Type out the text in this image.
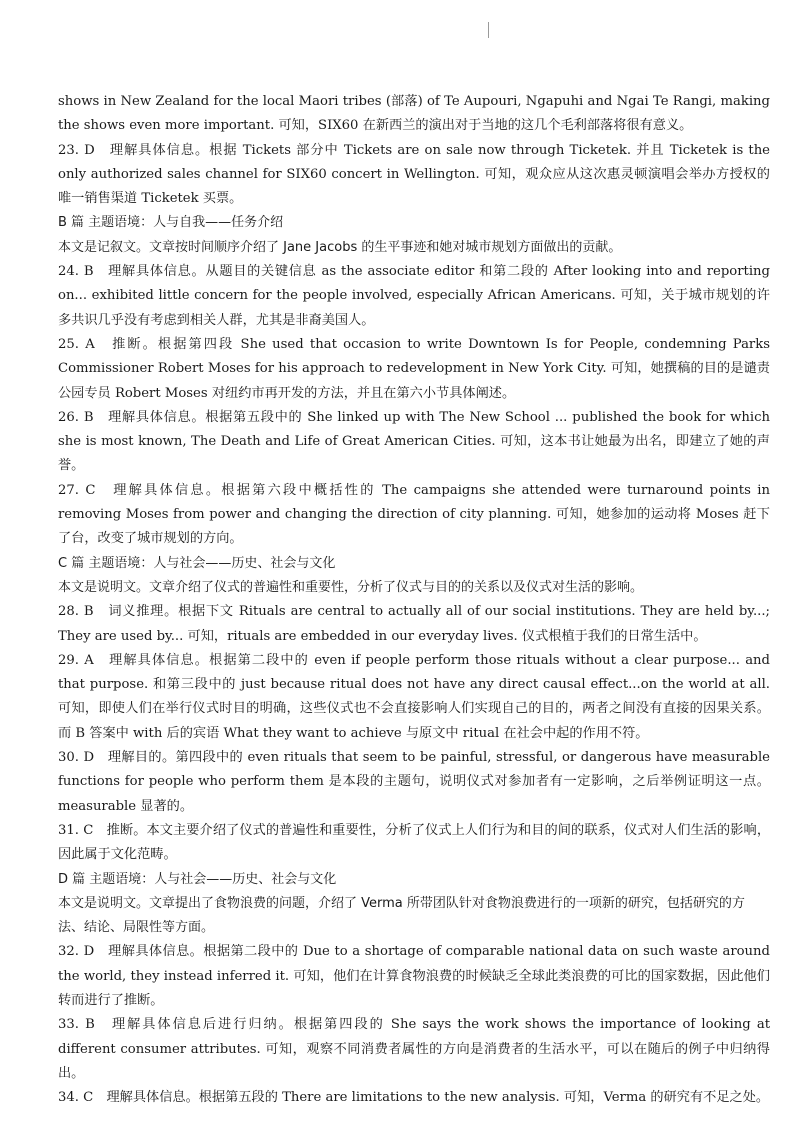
shows in New Zealand for the local Maori tribes (部落) of Te Aupouri, Ngapuhi and Ngai Te Rangi, making the shows even more important. 可知，SIX60 在新西兰的演出对于当地的这几个毛利部落将很有意义。

23. D　理解具体信息。根据 Tickets 部分中 Tickets are on sale now through Ticketek. 并且 Ticketek is the only authorized sales channel for SIX60 concert in Wellington. 可知，观众应从这次惠灵顿演唱会举办方授权的唯一销售渠道 Ticketek 买票。

B 篇 主题语境：人与自我——任务介绍

本文是记叙文。文章按时间顺序介绍了 Jane Jacobs 的生平事迹和她对城市规划方面做出的贡献。

24. B　理解具体信息。从题目的关键信息 as the associate editor 和第二段的 After looking into and reporting on... exhibited little concern for the people involved, especially African Americans. 可知，关于城市规划的许多共识几乎没有考虑到相关人群，尤其是非裔美国人。

25. A　推断。根据第四段 She used that occasion to write Downtown Is for People, condemning Parks Commissioner Robert Moses for his approach to redevelopment in New York City. 可知，她撰稿的目的是谴责公园专员 Robert Moses 对纽约市再开发的方法，并且在第六小节具体阐述。

26. B　理解具体信息。根据第五段中的 She linked up with The New School ... published the book for which she is most known, The Death and Life of Great American Cities. 可知，这本书让她最为出名，即建立了她的声誉。

27. C　理解具体信息。根据第六段中概括性的 The campaigns she attended were turnaround points in removing Moses from power and changing the direction of city planning. 可知，她参加的运动将 Moses 赶下了台，改变了城市规划的方向。

C 篇 主题语境：人与社会——历史、社会与文化

本文是说明文。文章介绍了仪式的普遍性和重要性，分析了仪式与目的的关系以及仪式对生活的影响。

28. B　词义推理。根据下文 Rituals are central to actually all of our social institutions. They are held by...; They are used by... 可知，rituals are embedded in our everyday lives. 仪式根植于我们的日常生活中。

29. A　理解具体信息。根据第二段中的 even if people perform those rituals without a clear purpose... and that purpose. 和第三段中的 just because ritual does not have any direct causal effect...on the world at all. 可知，即使人们在举行仪式时目的明确，这些仪式也不会直接影响人们实现自己的目的，两者之间没有直接的因果关系。而 B 答案中 with 后的宾语 What they want to achieve 与原文中 ritual 在社会中起的作用不符。

30. D　理解目的。第四段中的 even rituals that seem to be painful, stressful, or dangerous have measurable functions for people who perform them 是本段的主题句，说明仪式对参加者有一定影响，之后举例证明这一点。measurable 显著的。

31. C　推断。本文主要介绍了仪式的普遍性和重要性，分析了仪式上人们行为和目的间的联系，仪式对人们生活的影响，因此属于文化范畴。

D 篇 主题语境：人与社会——历史、社会与文化

本文是说明文。文章提出了食物浪费的问题，介绍了 Verma 所带团队针对食物浪费进行的一项新的研究，包括研究的方法、结论、局限性等方面。

32. D　理解具体信息。根据第二段中的 Due to a shortage of comparable national data on such waste around the world, they instead inferred it. 可知，他们在计算食物浪费的时候缺乏全球此类浪费的可比的国家数据，因此他们转而进行了推断。

33. B　理解具体信息后进行归纳。根据第四段的 She says the work shows the importance of looking at different consumer attributes. 可知，观察不同消费者属性的方向是消费者的生活水平，可以在随后的例子中归纳得出。

34. C　理解具体信息。根据第五段的 There are limitations to the new analysis. 可知，Verma 的研究有不足之处。
